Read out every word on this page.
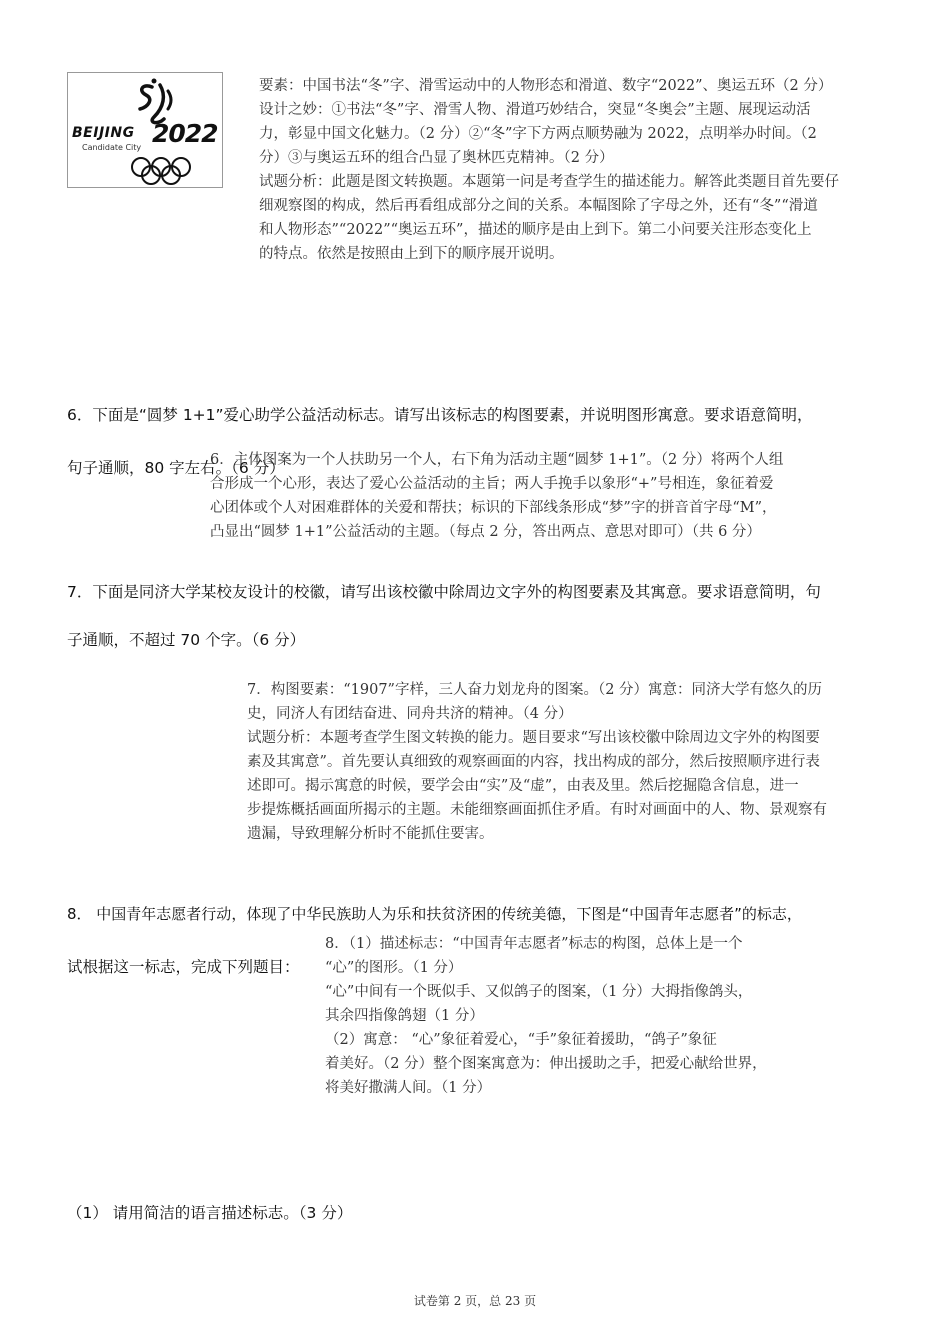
BEIJING 2022
Candidate City
要素：中国书法“冬”字、滑雪运动中的人物形态和滑道、数字“2022”、奥运五环（2 分）
设计之妙：①书法“冬”字、滑雪人物、滑道巧妙结合，突显“冬奥会”主题、展现运动活
力，彰显中国文化魅力。（2 分）②“冬”字下方两点顺势融为 2022，点明举办时间。（2
分）③与奥运五环的组合凸显了奥林匹克精神。（2 分）
试题分析：此题是图文转换题。本题第一问是考查学生的描述能力。解答此类题目首先要仔
细观察图的构成，然后再看组成部分之间的关系。本幅图除了字母之外，还有“冬”“滑道
和人物形态”“2022”“奥运五环”，描述的顺序是由上到下。第二小问要关注形态变化上
的特点。依然是按照由上到下的顺序展开说明。
6．下面是“圆梦 1+1”爱心助学公益活动标志。请写出该标志的构图要素，并说明图形寓意。要求语意简明，
句子通顺，80 字左右。（6 分）
6．主体图案为一个人扶助另一个人，右下角为活动主题“圆梦 1+1”。（2 分）将两个人组
合形成一个心形，表达了爱心公益活动的主旨；两人手挽手以象形“+”号相连，象征着爱
心团体或个人对困难群体的关爱和帮扶；标识的下部线条形成“梦”字的拼音首字母“M”，
凸显出“圆梦 1+1”公益活动的主题。（每点 2 分，答出两点、意思对即可）（共 6 分）
7．下面是同济大学某校友设计的校徽，请写出该校徽中除周边文字外的构图要素及其寓意。要求语意简明，句
子通顺，不超过 70 个字。（6 分）
7．构图要素：“1907”字样，三人奋力划龙舟的图案。（2 分）寓意：同济大学有悠久的历
史，同济人有团结奋进、同舟共济的精神。（4 分）
试题分析：本题考查学生图文转换的能力。题目要求“写出该校徽中除周边文字外的构图要
素及其寓意”。首先要认真细致的观察画面的内容，找出构成的部分，然后按照顺序进行表
述即可。揭示寓意的时候，要学会由“实”及“虚”，由表及里。然后挖掘隐含信息，进一
步提炼概括画面所揭示的主题。未能细察画面抓住矛盾。有时对画面中的人、物、景观察有
遗漏，导致理解分析时不能抓住要害。
8． 中国青年志愿者行动，体现了中华民族助人为乐和扶贫济困的传统美德，下图是“中国青年志愿者”的标志，
试根据这一标志，完成下列题目：
8．（1）描述标志：“中国青年志愿者”标志的构图，总体上是一个
“心”的图形。（1 分）
“心”中间有一个既似手、又似鸽子的图案，（1 分）大拇指像鸽头，
其余四指像鸽翅（1 分）
（2）寓意： “心”象征着爱心，“手”象征着援助，“鸽子”象征
着美好。（2 分）整个图案寓意为：伸出援助之手，把爱心献给世界，
将美好撒满人间。（1 分）
（1） 请用简洁的语言描述标志。（3 分）
试卷第 2 页，总 23 页
